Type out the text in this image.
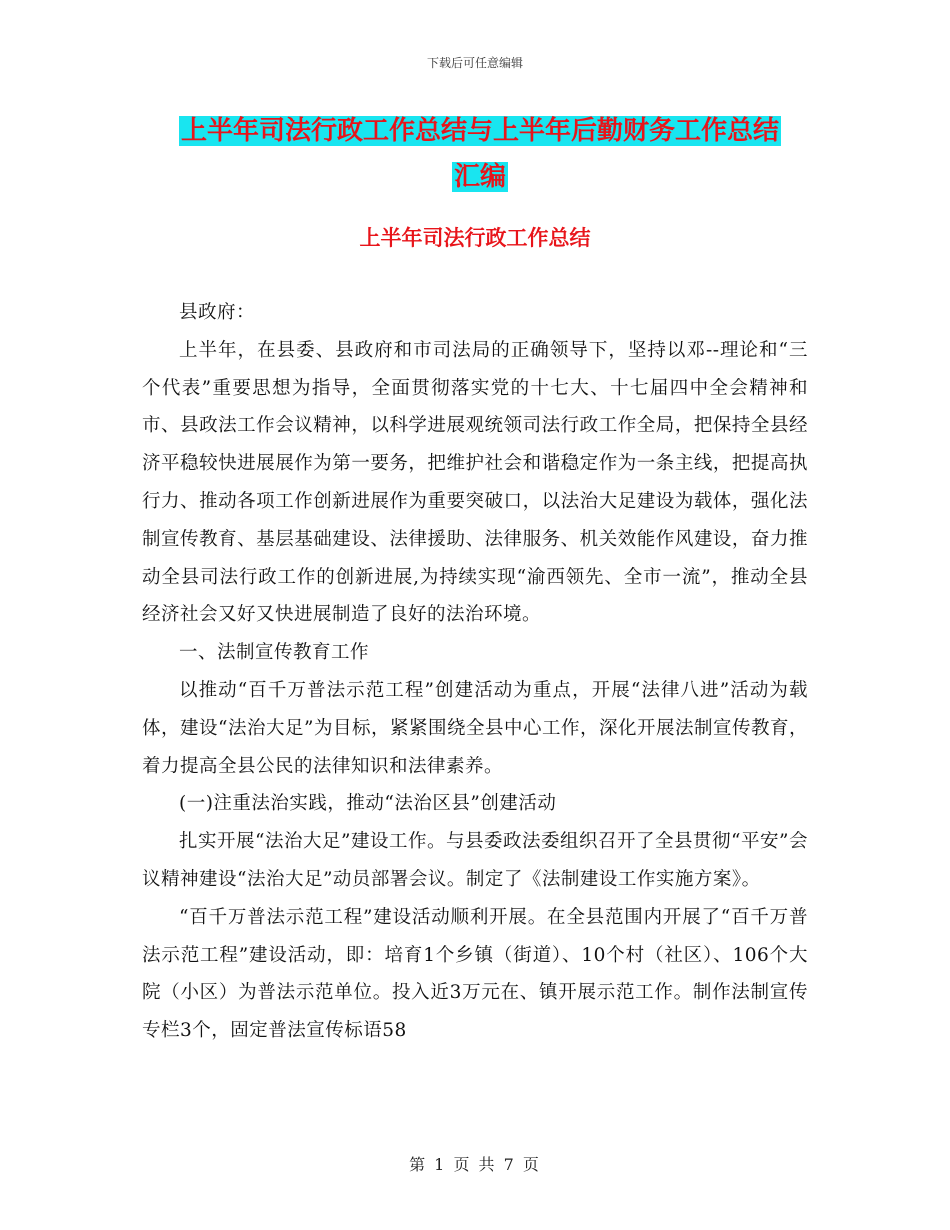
下载后可任意编辑
上半年司法行政工作总结与上半年后勤财务工作总结
汇编
上半年司法行政工作总结

县政府：

上半年，在县委、县政府和市司法局的正确领导下，坚持以邓--理论和“三个代表”重要思想为指导，全面贯彻落实党的十七大、十七届四中全会精神和市、县政法工作会议精神，以科学进展观统领司法行政工作全局，把保持全县经济平稳较快进展展作为第一要务，把维护社会和谐稳定作为一条主线，把提高执行力、推动各项工作创新进展作为重要突破口，以法治大足建设为载体，强化法制宣传教育、基层基础建设、法律援助、法律服务、机关效能作风建设，奋力推动全县司法行政工作的创新进展,为持续实现“渝西领先、全市一流”，推动全县经济社会又好又快进展制造了良好的法治环境。

一、法制宣传教育工作

以推动“百千万普法示范工程”创建活动为重点，开展“法律八进”活动为载体，建设“法治大足”为目标，紧紧围绕全县中心工作，深化开展法制宣传教育，着力提高全县公民的法律知识和法律素养。

(一)注重法治实践，推动“法治区县”创建活动

扎实开展“法治大足”建设工作。与县委政法委组织召开了全县贯彻“平安”会议精神建设“法治大足”动员部署会议。制定了《法制建设工作实施方案》。

“百千万普法示范工程”建设活动顺利开展。在全县范围内开展了“百千万普法示范工程”建设活动，即：培育1个乡镇（街道）、10个村（社区）、106个大院（小区）为普法示范单位。投入近3万元在、镇开展示范工作。制作法制宣传专栏3个，固定普法宣传标语58

第 1 页 共 7 页
